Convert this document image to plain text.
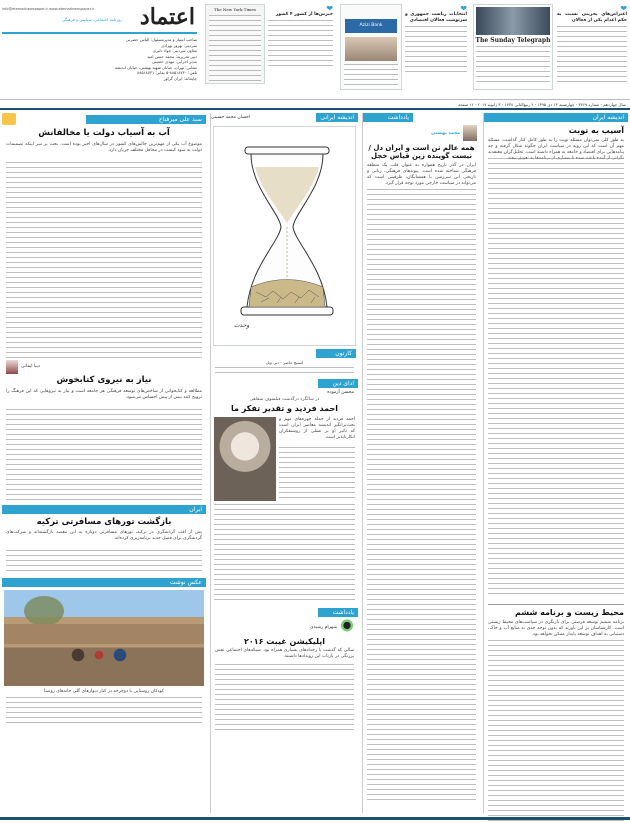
اعتماد
info@etemadnewspaper.ir www.etemadnewspaper.ir
روزنامه اجتماعی، سیاسی و فرهنگی
صاحب امتیاز و مدیرمسئول: الیاس حضرتی
سردبیر: بهروز بهزادی
معاون سردبیر: جواد دلیری
دبیر تحریریه: محمد حسن امید
مدیر اجرایی: مهدی حسینی
نشانی: تهران، خیابان شهید بهشتی، خیابان اندیشه
تلفن: ۸۸۵۱۸۷۳۰-۵ نمابر: ۸۸۵۱۸۷۳۱
چاپخانه: ایران گراور
The New York Times	❤
خیزش‌ها از کشور ۴ کشور
Azizi Bank
❤
انتخابات ریاست جمهوری و سرنوشت فعالان اقتصادی
The Sunday Telegraph
❤
اعتراض‌های بحرینی نسبت به حکم اعدام یکی از فعالان
سال چهاردهم - شماره ۳۷۶۹ - چهارشنبه ۱۳ دی ۱۳۹۵ - ۴ ربیع‌الثانی ۱۴۳۸ - ۳ ژانویه ۲۰۱۷ - ۱۶ صفحه
اندیشه ایران
آسیب به توبت
به طور کلی نمی‌توان مسئله توبت را به طور کامل کنار گذاشت. مسئله مهم آن است که این رویه در سیاست ایران چگونه شکل گرفته و چه پیامدهایی برای اقتصاد و جامعه به همراه داشته است. تحلیل‌گران معتقدند
محیط زیست و برنامه ششم
برنامه ششم توسعه فرصتی برای بازنگری در سیاست‌های محیط زیستی است. کارشناسان بر این باورند که بدون توجه جدی به منابع آب و خاک، دستیابی به اهداف توسعه پایدار ممکن نخواهد بود.
یادداشت
محمد بهشتی
همه عالم تن است و ایران دل / نیست گوینده زین قیاس خجل
ایران در گذر تاریخ همواره به عنوان قلب یک منطقه فرهنگی شناخته شده است. پیوندهای فرهنگی، زبانی و تاریخی این سرزمین با همسایگان، ظرفیتی است که می‌تواند در سیاست خارجی مورد توجه قرار گیرد.
اندیشه ایرانی
احسان محمد حسینی
وحدت
کارتون
اسنیچ حاضر - دنی ویل
ادای دین
محسن آزموده
در سالگرد درگذشت فیلسوف شفاهی
احمد فردید و تقدیر تفکر ما
احمد فردید از جمله چهره‌های مهم و بحث‌برانگیز اندیشه معاصر ایران است که تاثیر او بر نسلی از روشنفکران انکارناپذیر است.
یادداشت
شهرام رشیدی
اپلیکیشن غیبت ۲۰۱۶
سالی که گذشت با رخدادهای بسیاری همراه بود. شبکه‌های اجتماعی نقش پررنگی در بازتاب این رویدادها داشتند.
سید علی میرفتاح
آب به آسیاب دولت یا مخالفانش
موضوع آب یکی از مهم‌ترین چالش‌های کشور در سال‌های اخیر بوده است. بحث بر سر اینکه تصمیمات دولت به سود کیست در محافل مختلف جریان دارد.
دیبا ایمانی
نیاز به نیروی کتابخوش
مطالعه و کتابخوانی از شاخص‌های توسعه فرهنگی هر جامعه است و نیاز به نیروهایی که این فرهنگ را ترویج کنند بیش از پیش احساس می‌شود.
ایران
بازگشت تورهای مسافرتی ترکیه
پس از افت گردشگری در ترکیه، تورهای مسافرتی دوباره به این مقصد بازگشته‌اند و شرکت‌های گردشگری برای فصل جدید برنامه‌ریزی کرده‌اند.
عکس نوشت
کودکان روستایی با دوچرخه در کنار دیوارهای گلی خانه‌های روستا
